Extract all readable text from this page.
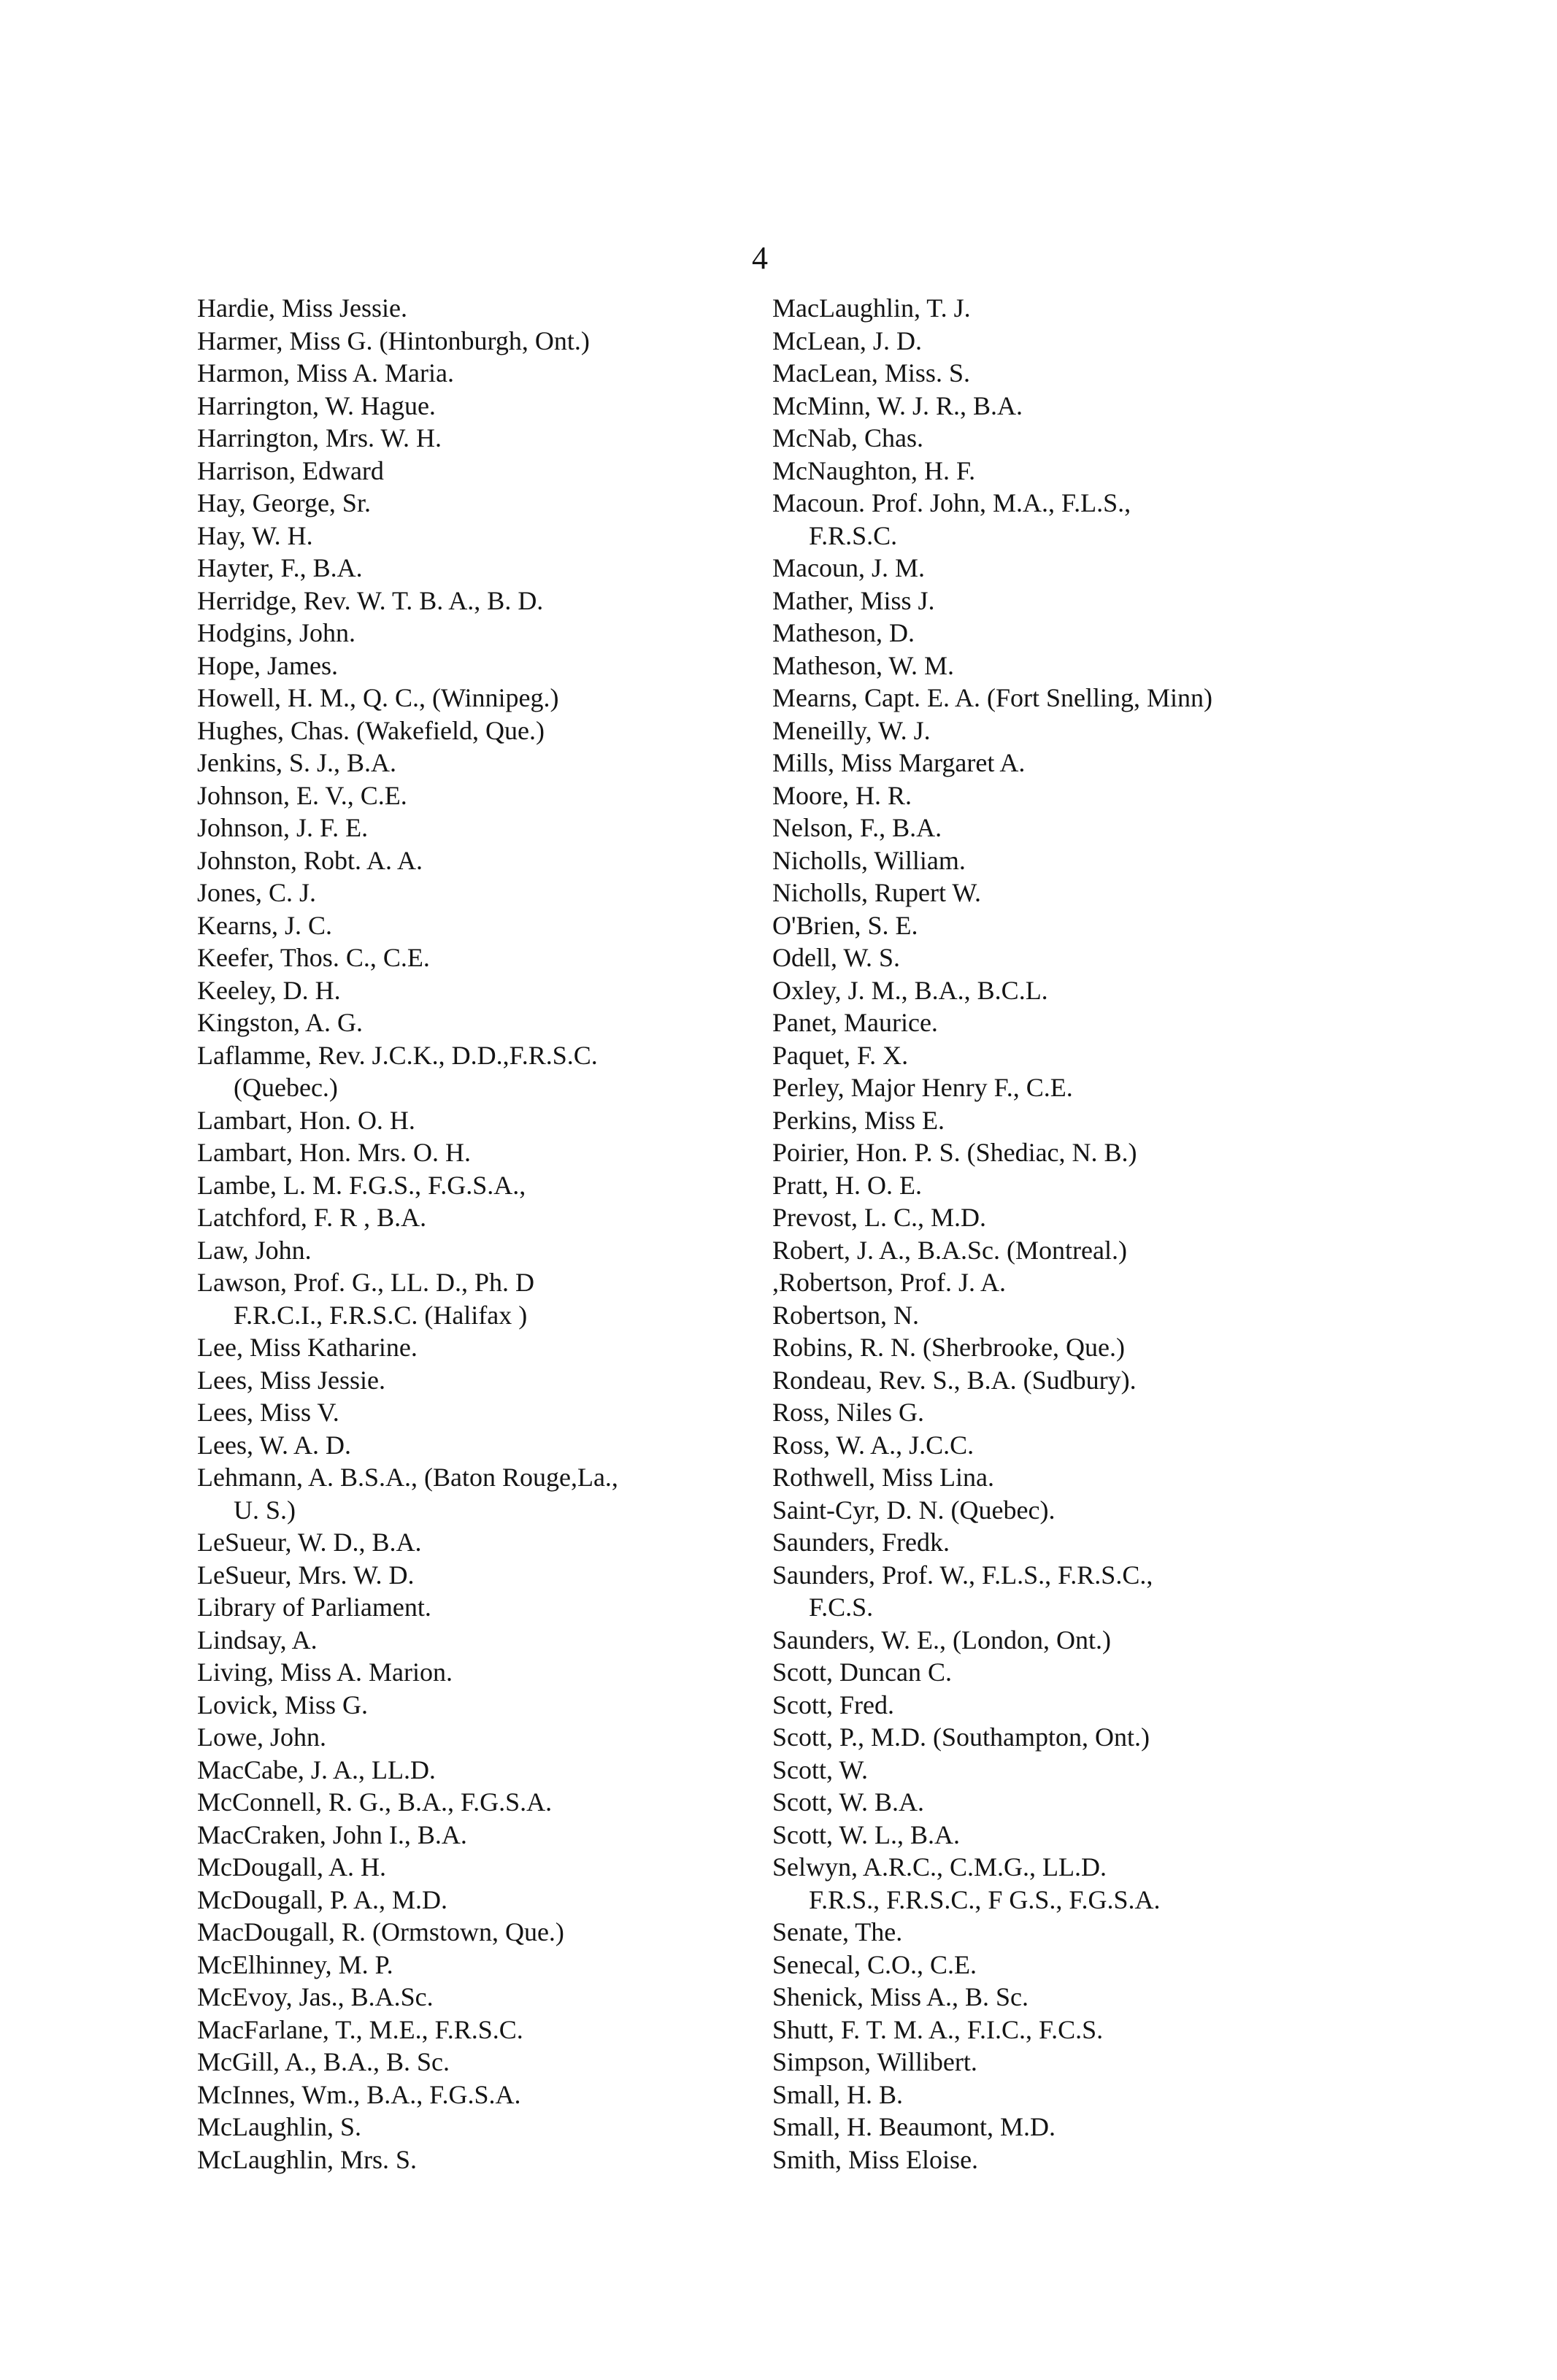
4
Hardie, Miss Jessie.
Harmer, Miss G. (Hintonburgh, Ont.)
Harmon, Miss A. Maria.
Harrington, W. Hague.
Harrington, Mrs. W. H.
Harrison, Edward
Hay, George, Sr.
Hay, W. H.
Hayter, F., B.A.
Herridge, Rev. W. T. B. A., B. D.
Hodgins, John.
Hope, James.
Howell, H. M., Q. C., (Winnipeg.)
Hughes, Chas. (Wakefield, Que.)
Jenkins, S. J., B.A.
Johnson, E. V., C.E.
Johnson, J. F. E.
Johnston, Robt. A. A.
Jones, C. J.
Kearns, J. C.
Keefer, Thos. C., C.E.
Keeley, D. H.
Kingston, A. G.
Laflamme, Rev. J.C.K., D.D.,F.R.S.C.
(Quebec.)
Lambart, Hon. O. H.
Lambart, Hon. Mrs. O. H.
Lambe, L. M. F.G.S., F.G.S.A.,
Latchford, F. R , B.A.
Law, John.
Lawson, Prof. G., LL. D., Ph. D
F.R.C.I., F.R.S.C. (Halifax )
Lee, Miss Katharine.
Lees, Miss Jessie.
Lees, Miss V.
Lees, W. A. D.
Lehmann, A. B.S.A., (Baton Rouge,La.,
U. S.)
LeSueur, W. D., B.A.
LeSueur, Mrs. W. D.
Library of Parliament.
Lindsay, A.
Living, Miss A. Marion.
Lovick, Miss G.
Lowe, John.
MacCabe, J. A., LL.D.
McConnell, R. G., B.A., F.G.S.A.
MacCraken, John I., B.A.
McDougall, A. H.
McDougall, P. A., M.D.
MacDougall, R. (Ormstown, Que.)
McElhinney, M. P.
McEvoy, Jas., B.A.Sc.
MacFarlane, T., M.E., F.R.S.C.
McGill, A., B.A., B. Sc.
McInnes, Wm., B.A., F.G.S.A.
McLaughlin, S.
McLaughlin, Mrs. S.
MacLaughlin, T. J.
McLean, J. D.
MacLean, Miss. S.
McMinn, W. J. R., B.A.
McNab, Chas.
McNaughton, H. F.
Macoun. Prof. John, M.A., F.L.S.,
F.R.S.C.
Macoun, J. M.
Mather, Miss J.
Matheson, D.
Matheson, W. M.
Mearns, Capt. E. A. (Fort Snelling, Minn)
Meneilly, W. J.
Mills, Miss Margaret A.
Moore, H. R.
Nelson, F., B.A.
Nicholls, William.
Nicholls, Rupert W.
O'Brien, S. E.
Odell, W. S.
Oxley, J. M., B.A., B.C.L.
Panet, Maurice.
Paquet, F. X.
Perley, Major Henry F., C.E.
Perkins, Miss E.
Poirier, Hon. P. S. (Shediac, N. B.)
Pratt, H. O. E.
Prevost, L. C., M.D.
Robert, J. A., B.A.Sc. (Montreal.)
,Robertson, Prof. J. A.
Robertson, N.
Robins, R. N. (Sherbrooke, Que.)
Rondeau, Rev. S., B.A. (Sudbury).
Ross, Niles G.
Ross, W. A., J.C.C.
Rothwell, Miss Lina.
Saint-Cyr, D. N. (Quebec).
Saunders, Fredk.
Saunders, Prof. W., F.L.S., F.R.S.C.,
F.C.S.
Saunders, W. E., (London, Ont.)
Scott, Duncan C.
Scott, Fred.
Scott, P., M.D. (Southampton, Ont.)
Scott, W.
Scott, W. B.A.
Scott, W. L., B.A.
Selwyn, A.R.C., C.M.G., LL.D.
F.R.S., F.R.S.C., F G.S., F.G.S.A.
Senate, The.
Senecal, C.O., C.E.
Shenick, Miss A., B. Sc.
Shutt, F. T. M. A., F.I.C., F.C.S.
Simpson, Willibert.
Small, H. B.
Small, H. Beaumont, M.D.
Smith, Miss Eloise.
